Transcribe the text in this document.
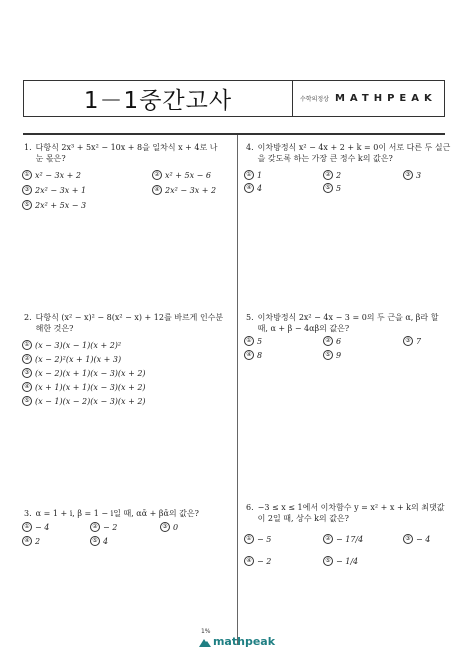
1－1중간고사	수학의정상 MATHPEAK
1. 다항식 2x³ + 5x² − 10x + 8을 일차식 x + 4로 나눈 몫은?
① x² − 3x + 2	② x² + 5x − 6
③ 2x² − 3x + 1	④ 2x² − 3x + 2
⑤ 2x² + 5x − 3
2. 다항식 (x² − x)² − 8(x² − x) + 12를 바르게 인수분해한 것은?
① (x − 3)(x − 1)(x + 2)²
② (x − 2)²(x + 1)(x + 3)
③ (x − 2)(x + 1)(x − 3)(x + 2)
④ (x + 1)(x + 1)(x − 3)(x + 2)
⑤ (x − 1)(x − 2)(x − 3)(x + 2)
3. α = 1 + i, β = 1 − i일 때, αᾱ + βᾱ의 값은?
① − 4	② − 2	③ 0
④ 2	⑤ 4
4. 이차방정식 x² − 4x + 2 + k = 0이 서로 다른 두 실근을 갖도록 하는 가장 큰 정수 k의 값은?
① 1	② 2	③ 3
④ 4	⑤ 5
5. 이차방정식 2x² − 4x − 3 = 0의 두 근을 α, β라 할 때, α + β − 4αβ의 값은?
① 5	② 6	③ 7
④ 8	⑤ 9
6. −3 ≤ x ≤ 1에서 이차함수 y = x² + x + k의 최댓값이 2일 때, 상수 k의 값은?
① − 5	② − 17/4	③ − 4
④ − 2	⑤ − 1/4
1%
mathpeak
